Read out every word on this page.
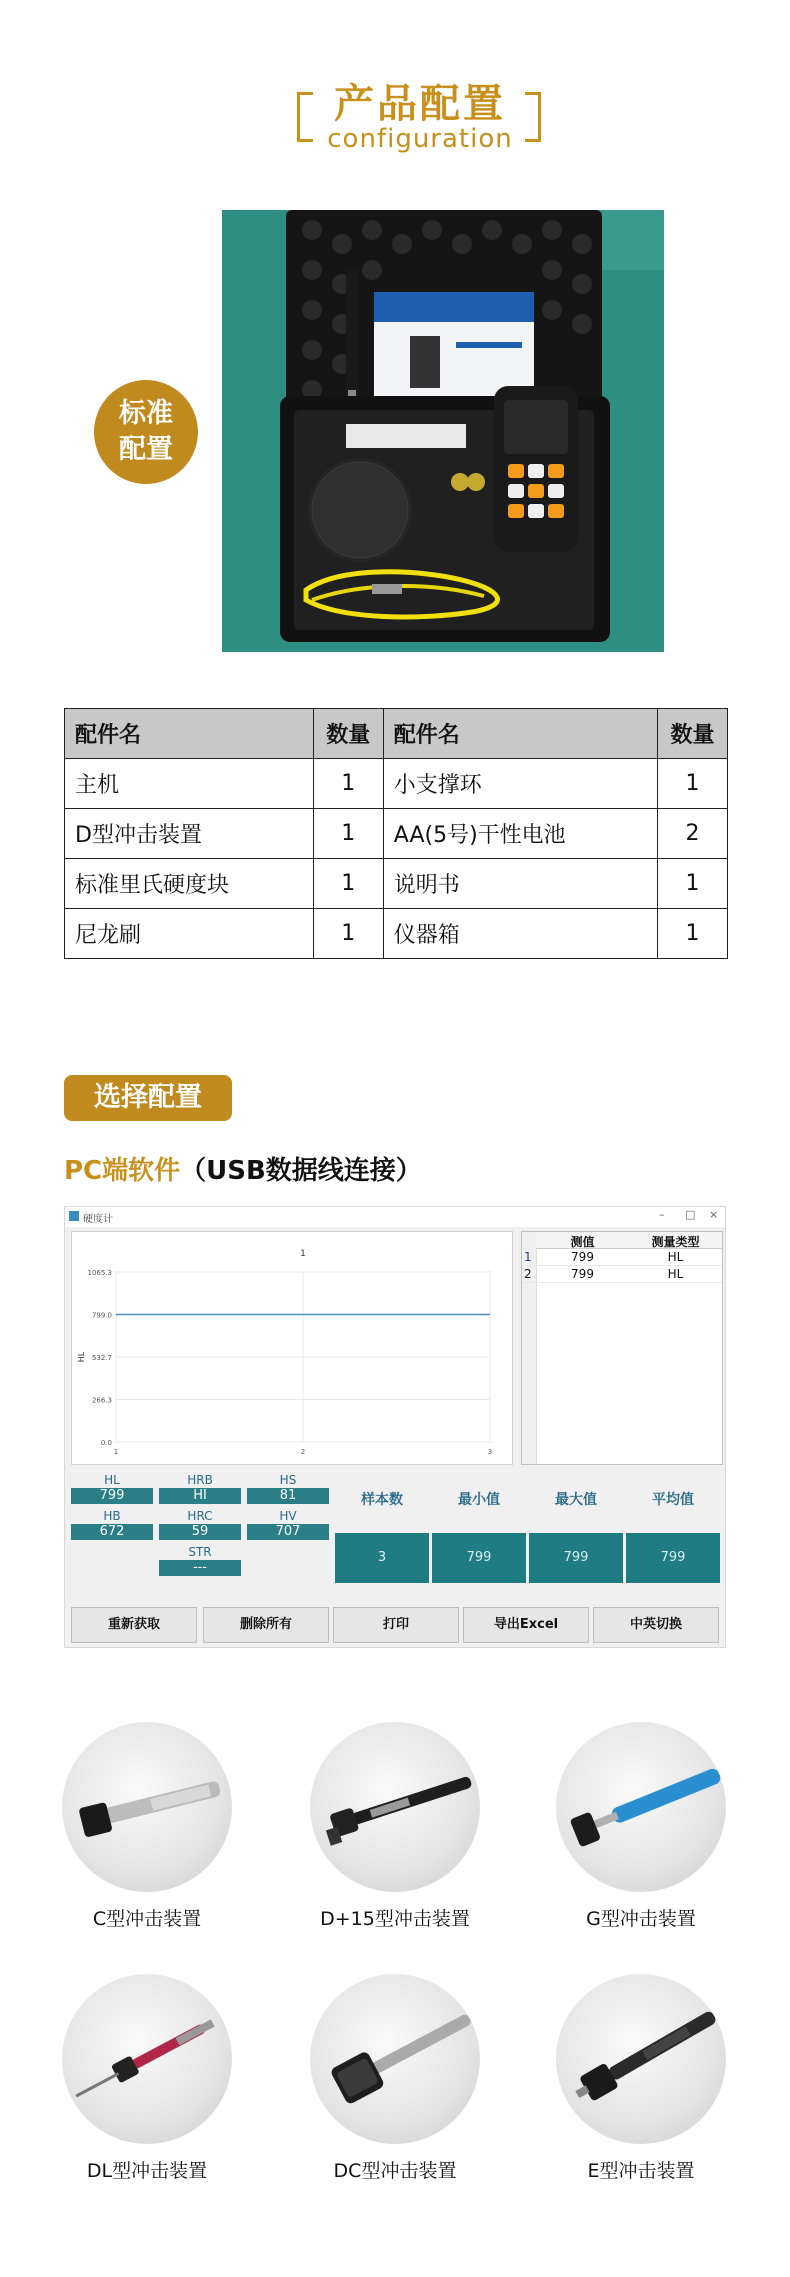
产品配置
configuration
标准
配置
配件名	数量	配件名	数量
主机	1	小支撑环	1
D型冲击装置	1	AA(5号)干性电池	2
标准里氏硬度块	1	说明书	1
尼龙刷	1	仪器箱	1
选择配置
PC端软件（USB数据线连接）
硬度计	– □ ×
1
HL
0.0
266.3
532.7
799.0
1065.3
1	2	3
测值	测量类型
1	799	HL
2	799	HL
HL	HRB	HS
799	HI	81
HB	HRC	HV
672	59	707
STR
---
样本数	最小值	最大值	平均值
3	799	799	799
重新获取	删除所有	打印	导出Excel	中英切换
C型冲击装置	D+15型冲击装置	G型冲击装置
DL型冲击装置	DC型冲击装置	E型冲击装置
